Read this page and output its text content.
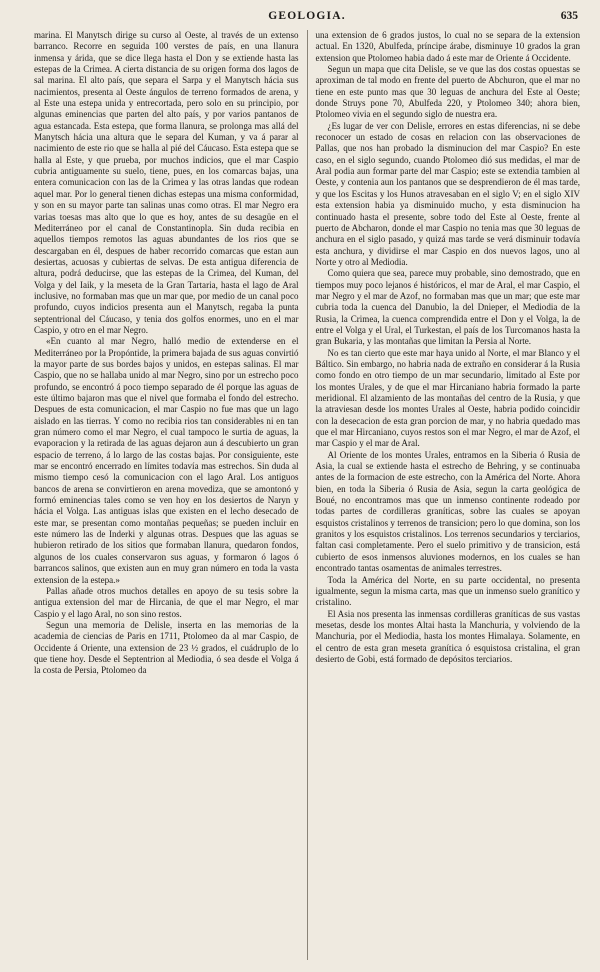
GEOLOGIA.	635

marina. El Manytsch dirige su curso al Oeste, al través de un extenso barranco. Recorre en seguida 100 verstes de país, en una llanura inmensa y árida, que se dice llega hasta el Don y se extiende hasta las estepas de la Crimea. A cierta distancia de su origen forma dos lagos de sal marina. El alto país, que separa el Sarpa y el Manytsch hácia sus nacimientos, presenta al Oeste ángulos de terreno formados de arena, y al Este una estepa unida y entrecortada, pero solo en su principio, por algunas eminencias que parten del alto país, y por varios pantanos de agua estancada. Esta estepa, que forma llanura, se prolonga mas allá del Manytsch hácia una altura que le separa del Kuman, y va á parar al nacimiento de este rio que se halla al pié del Cáucaso. Esta estepa que se halla al Este, y que prueba, por muchos indicios, que el mar Caspio cubria antiguamente su suelo, tiene, pues, en los comarcas bajas, una entera comunicacion con las de la Crimea y las otras landas que rodean aquel mar. Por lo general tienen dichas estepas una misma conformidad, y son en su mayor parte tan salinas unas como otras. El mar Negro era varias toesas mas alto que lo que es hoy, antes de su desagüe en el Mediterráneo por el canal de Constantinopla. Sin duda recibia en aquellos tiempos remotos las aguas abundantes de los rios que se descargaban en él, despues de haber recorrido comarcas que estan aun desiertas, acuosas y cubiertas de selvas. De esta antigua diferencia de altura, podrá deducirse, que las estepas de la Crimea, del Kuman, del Volga y del Iaik, y la meseta de la Gran Tartaria, hasta el lago de Aral inclusive, no formaban mas que un mar que, por medio de un canal poco profundo, cuyos indicios presenta aun el Manytsch, regaba la punta septentrional del Cáucaso, y tenia dos golfos enormes, uno en el mar Caspio, y otro en el mar Negro.

«En cuanto al mar Negro, halló medio de extenderse en el Mediterráneo por la Propóntide, la primera bajada de sus aguas convirtió la mayor parte de sus bordes bajos y unidos, en estepas salinas. El mar Caspio, que no se hallaba unido al mar Negro, sino por un estrecho poco profundo, se encontró á poco tiempo separado de él porque las aguas de este último bajaron mas que el nivel que formaba el fondo del estrecho. Despues de esta comunicacion, el mar Caspio no fue mas que un lago aislado en las tierras. Y como no recibia rios tan considerables ni en tan gran número como el mar Negro, el cual tampoco le surtia de aguas, la evaporacion y la retirada de las aguas dejaron aun á descubierto un gran espacio de terreno, á lo largo de las costas bajas. Por consiguiente, este mar se encontró encerrado en límites todavía mas estrechos. Sin duda al mismo tiempo cesó la comunicacion con el lago Aral. Los antiguos bancos de arena se convirtieron en arena movediza, que se amontonó y formó eminencias tales como se ven hoy en los desiertos de Naryn y hácia el Volga. Las antiguas islas que existen en el lecho desecado de este mar, se presentan como montañas pequeñas; se pueden incluir en este número las de Inderki y algunas otras. Despues que las aguas se hubieron retirado de los sitios que formaban llanura, quedaron fondos, algunos de los cuales conservaron sus aguas, y formaron ó lagos ó barrancos salinos, que existen aun en muy gran número en toda la vasta extension de la estepa.»

Pallas añade otros muchos detalles en apoyo de su tesis sobre la antigua extension del mar de Hircania, de que el mar Negro, el mar Caspio y el lago Aral, no son sino restos.

Segun una memoria de Delisle, inserta en las memorias de la academia de ciencias de Paris en 1711, Ptolomeo da al mar Caspio, de Occidente á Oriente, una extension de 23 ½ grados, el cuádruplo de lo que tiene hoy. Desde el Septentrion al Mediodia, ó sea desde el Volga á la costa de Persia, Ptolomeo da

una extension de 6 grados justos, lo cual no se separa de la extension actual. En 1320, Abulfeda, príncipe árabe, disminuye 10 grados la gran extension que Ptolomeo habia dado á este mar de Oriente á Occidente.

Segun un mapa que cita Delisle, se ve que las dos costas opuestas se aproximan de tal modo en frente del puerto de Abchuron, que el mar no tiene en este punto mas que 30 leguas de anchura del Este al Oeste; donde Struys pone 70, Abulfeda 220, y Ptolomeo 340; ahora bien, Ptolomeo vivia en el segundo siglo de nuestra era.

¿Es lugar de ver con Delisle, errores en estas diferencias, ni se debe reconocer un estado de cosas en relacion con las observaciones de Pallas, que nos han probado la disminucion del mar Caspio? En este caso, en el siglo segundo, cuando Ptolomeo dió sus medidas, el mar de Aral podia aun formar parte del mar Caspio; este se extendia tambien al Oeste, y contenia aun los pantanos que se desprendieron de él mas tarde, y que los Escitas y los Hunos atravesaban en el siglo V; en el siglo XIV esta extension habia ya disminuido mucho, y esta disminucion ha continuado hasta el presente, sobre todo del Este al Oeste, frente al puerto de Abcharon, donde el mar Caspio no tenia mas que 30 leguas de anchura en el siglo pasado, y quizá mas tarde se verá disminuir todavía esta anchura, y dividirse el mar Caspio en dos nuevos lagos, uno al Norte y otro al Mediodia.

Como quiera que sea, parece muy probable, sino demostrado, que en tiempos muy poco lejanos é históricos, el mar de Aral, el mar Caspio, el mar Negro y el mar de Azof, no formaban mas que un mar; que este mar cubria toda la cuenca del Danubio, la del Dnieper, el Mediodia de la Rusia, la Crimea, la cuenca comprendida entre el Don y el Volga, la de entre el Volga y el Ural, el Turkestan, el país de los Turcomanos hasta la gran Bukaria, y las montañas que limitan la Persia al Norte.

No es tan cierto que este mar haya unido al Norte, el mar Blanco y el Báltico. Sin embargo, no habria nada de extraño en considerar á la Rusia como fondo en otro tiempo de un mar secundario, limitado al Este por los montes Urales, y de que el mar Hircaniano habria formado la parte meridional. El alzamiento de las montañas del centro de la Rusia, y que la atraviesan desde los montes Urales al Oeste, habria podido coincidir con la desecacion de esta gran porcion de mar, y no habria quedado mas que el mar Hircaniano, cuyos restos son el mar Negro, el mar de Azof, el mar Caspio y el mar de Aral.

Al Oriente de los montes Urales, entramos en la Siberia ó Rusia de Asia, la cual se extiende hasta el estrecho de Behring, y se continuaba antes de la formacion de este estrecho, con la América del Norte. Ahora bien, en toda la Siberia ó Rusia de Asia, segun la carta geológica de Boué, no encontramos mas que un inmenso continente rodeado por todas partes de cordilleras graníticas, sobre las cuales se apoyan esquistos cristalinos y terrenos de transicion; pero lo que domina, son los granitos y los esquistos cristalinos. Los terrenos secundarios y terciarios, faltan casi completamente. Pero el suelo primitivo y de transicion, está cubierto de esos inmensos aluviones modernos, en los cuales se han encontrado tantas osamentas de animales terrestres.

Toda la América del Norte, en su parte occidental, no presenta igualmente, segun la misma carta, mas que un inmenso suelo granítico y cristalino.

El Asia nos presenta las inmensas cordilleras graníticas de sus vastas mesetas, desde los montes Altai hasta la Manchuria, y volviendo de la Manchuria, por el Mediodia, hasta los montes Himalaya. Solamente, en el centro de esta gran meseta granítica ó esquistosa cristalina, el gran desierto de Gobi, está formado de depósitos terciarios.
